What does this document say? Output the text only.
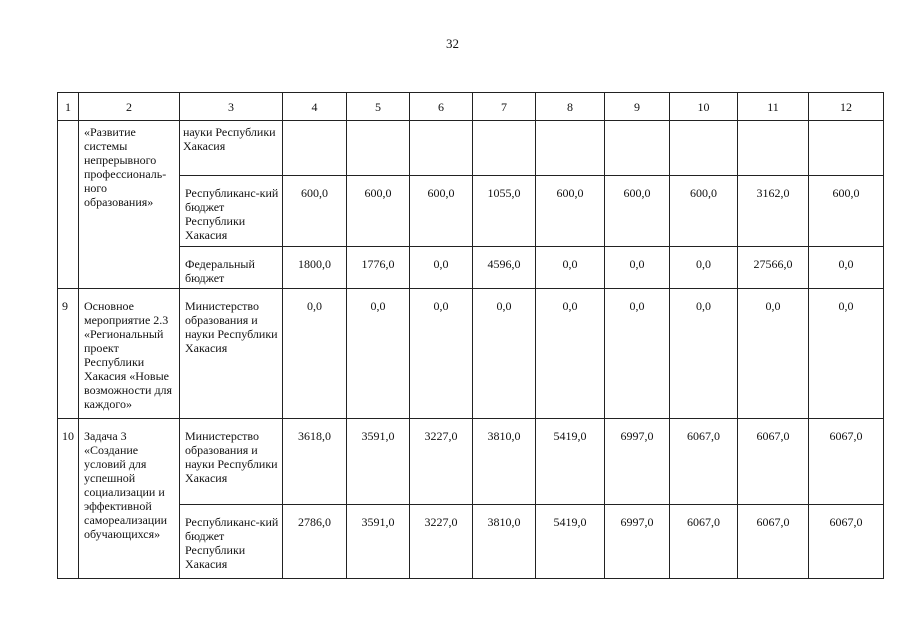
32
1	2	3	4	5	6	7	8	9	10	11	12
	«Развитие системы непрерывного профессиональ-ного образования»	науки Республики Хакасия									
		Республиканс-кий бюджет Республики Хакасия	600,0	600,0	600,0	1055,0	600,0	600,0	600,0	3162,0	600,0
		Федеральный бюджет	1800,0	1776,0	0,0	4596,0	0,0	0,0	0,0	27566,0	0,0
9	Основное мероприятие 2.3 «Региональный проект Республики Хакасия «Новые возможности для каждого»	Министерство образования и науки Республики Хакасия	0,0	0,0	0,0	0,0	0,0	0,0	0,0	0,0	0,0
10	Задача 3 «Создание условий для успешной социализации и эффективной самореализации обучающихся»	Министерство образования и науки Республики Хакасия	3618,0	3591,0	3227,0	3810,0	5419,0	6997,0	6067,0	6067,0	6067,0
		Республиканс-кий бюджет Республики Хакасия	2786,0	3591,0	3227,0	3810,0	5419,0	6997,0	6067,0	6067,0	6067,0
